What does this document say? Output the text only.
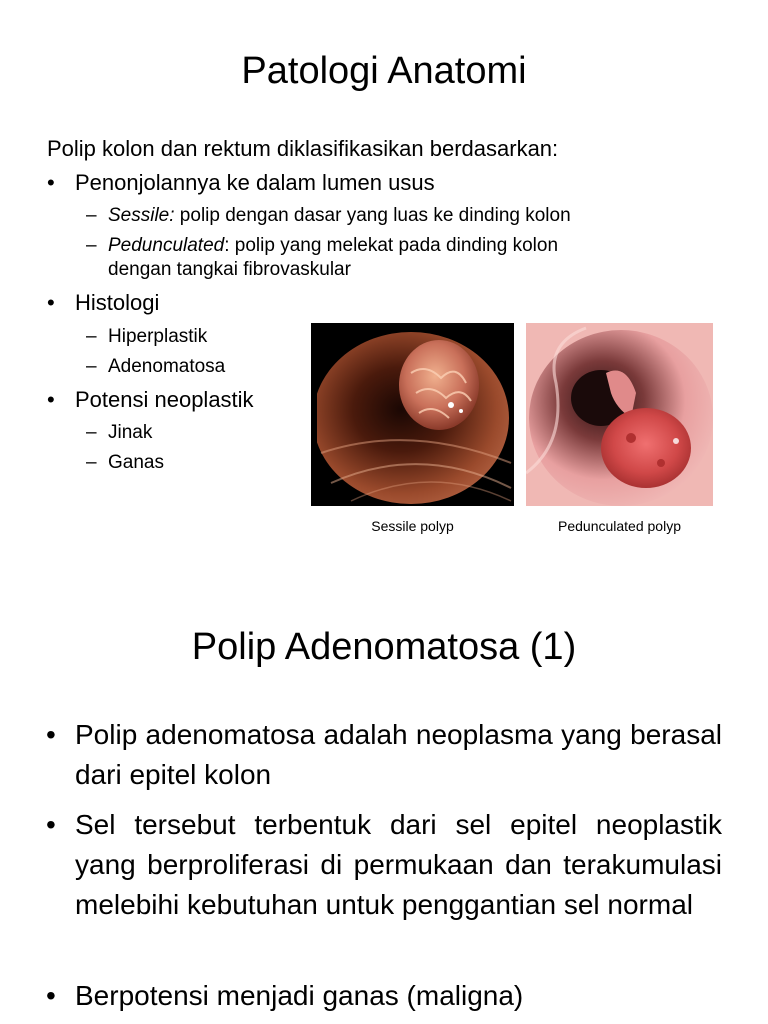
Patologi Anatomi

Polip kolon dan rektum diklasifikasikan berdasarkan:

• Penonjolannya ke dalam lumen usus

– Sessile: polip dengan dasar yang luas ke dinding kolon

– Pedunculated: polip yang melekat pada dinding kolon
dengan tangkai fibrovaskular

• Histologi

– Hiperplastik

– Adenomatosa

• Potensi neoplastik

– Jinak

– Ganas

Sessile polyp	Pedunculated polyp
Polip Adenomatosa (1)
• Polip adenomatosa adalah neoplasma yang berasal dari epitel kolon
• Sel tersebut terbentuk dari sel epitel neoplastik yang berproliferasi di permukaan dan terakumulasi melebihi kebutuhan untuk penggantian sel normal
• Berpotensi menjadi ganas (maligna)
